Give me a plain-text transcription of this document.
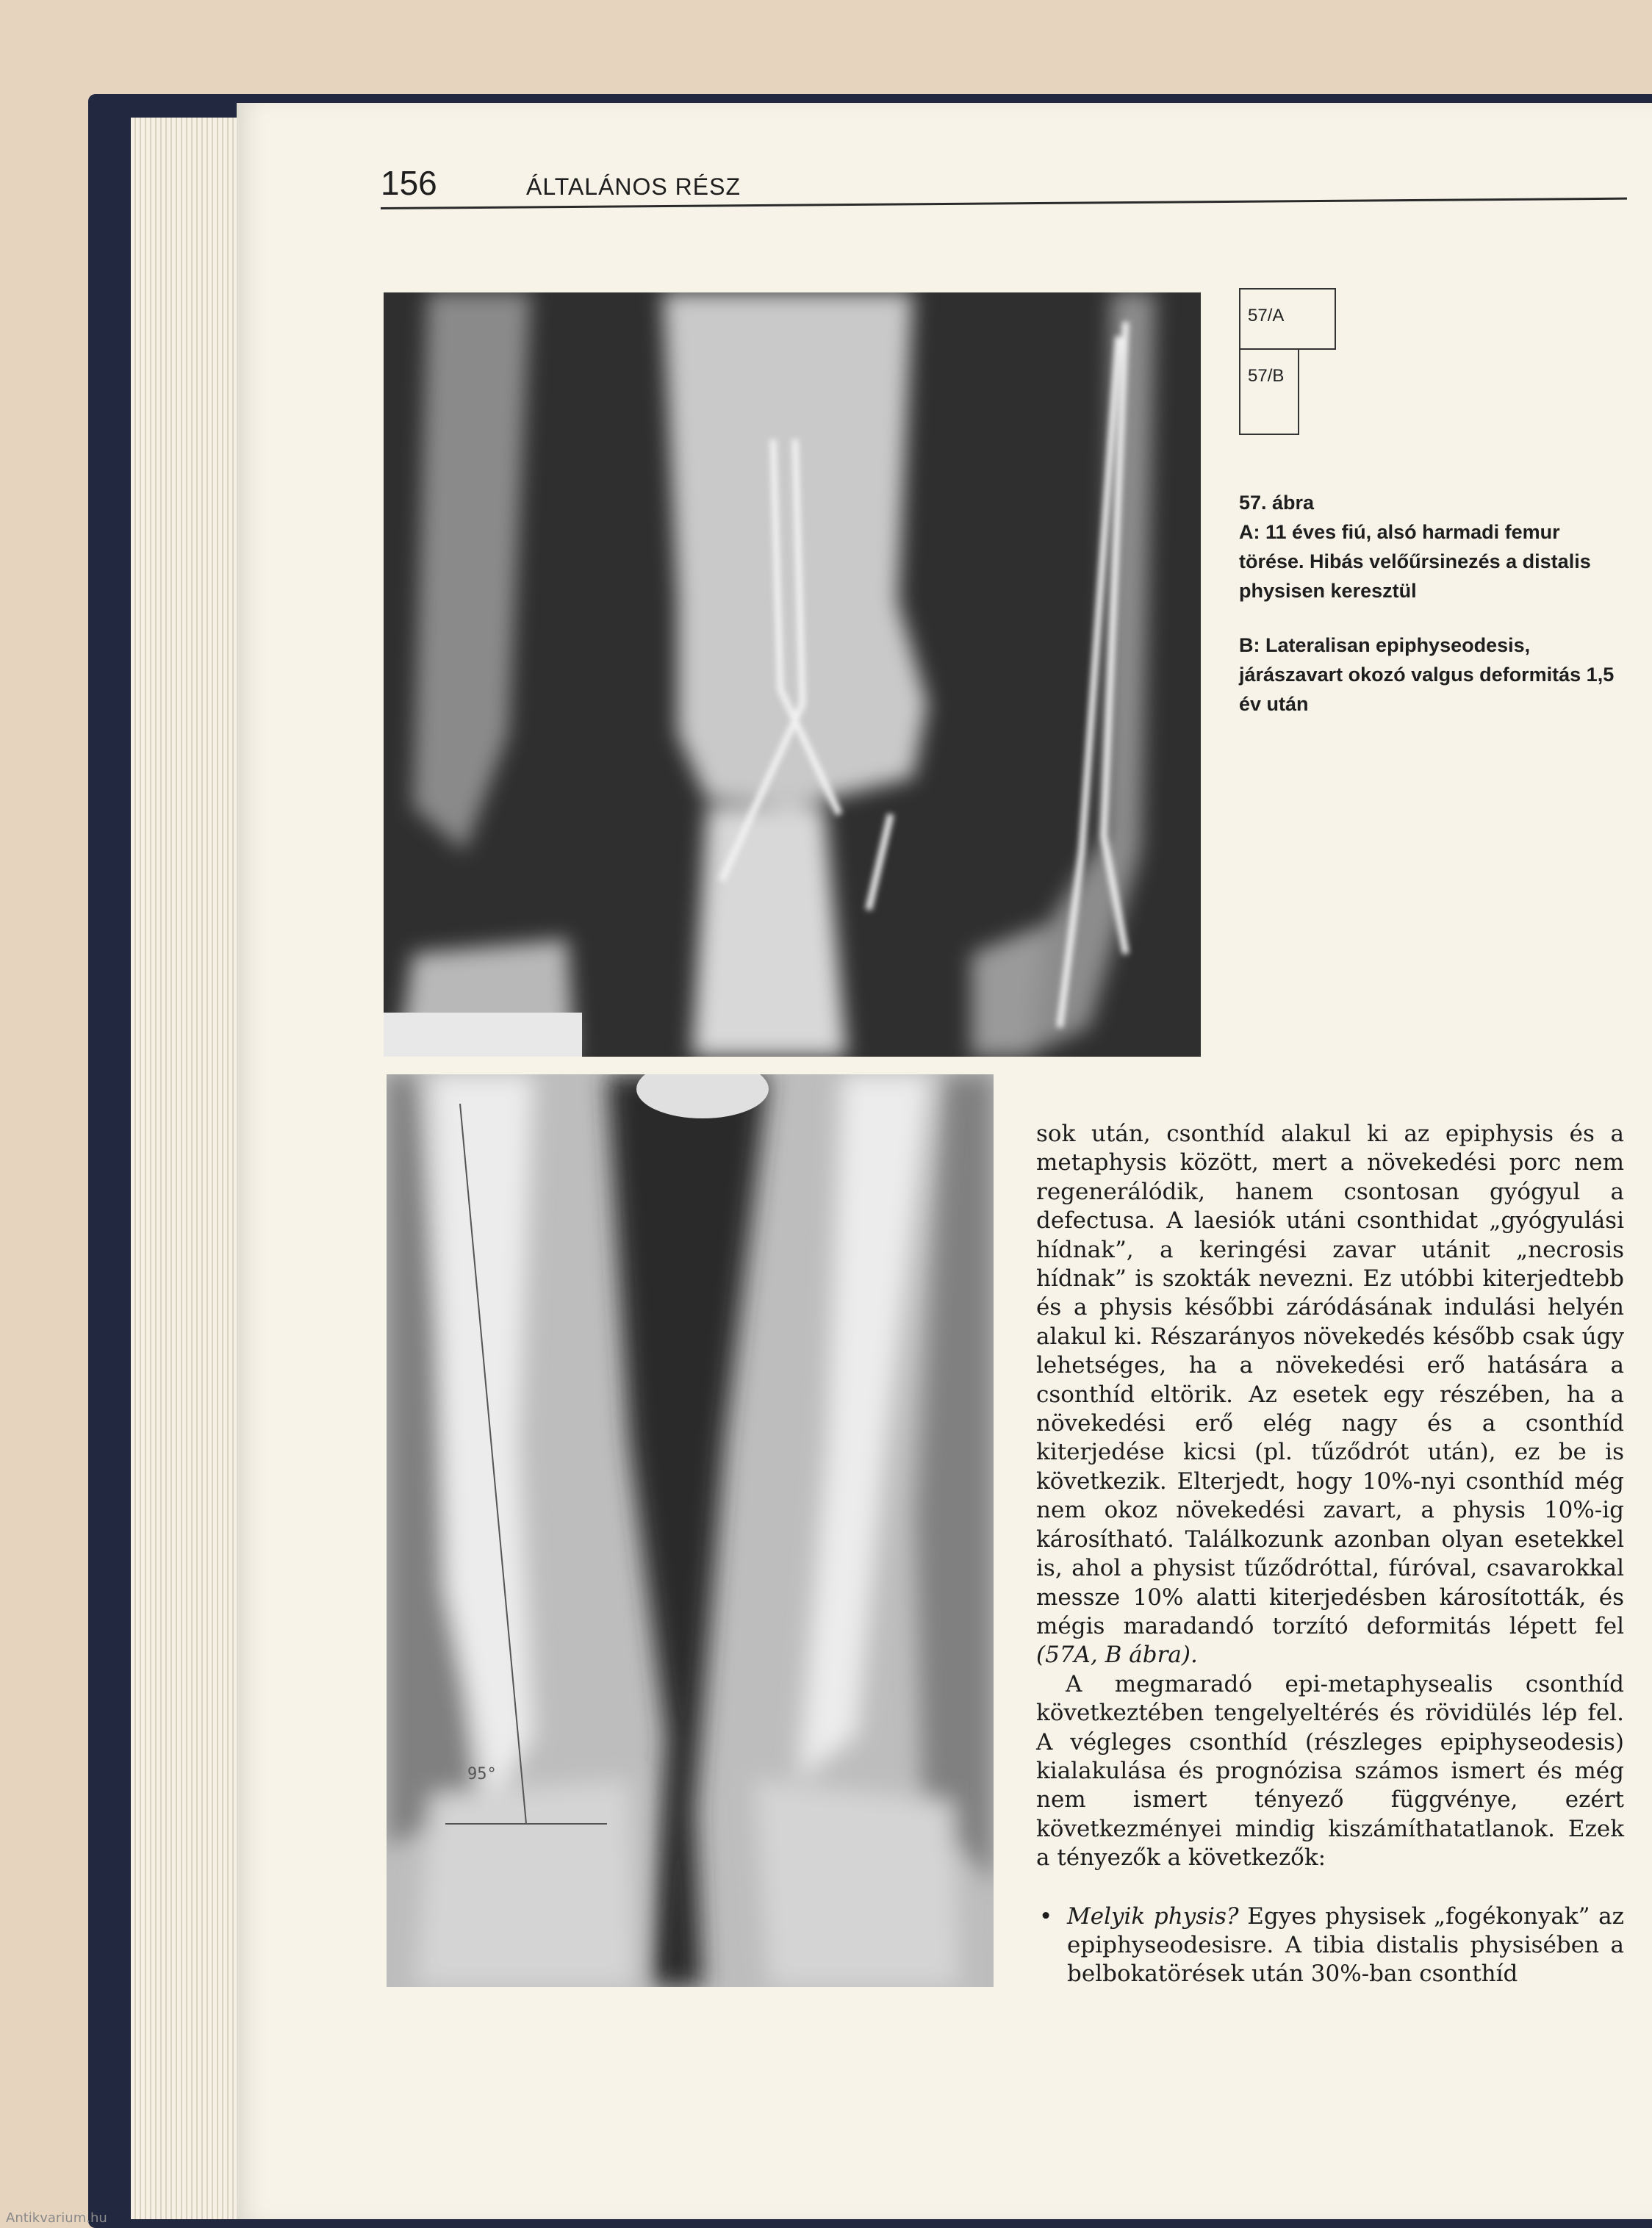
156	ÁLTALÁNOS RÉSZ
95°
57/A
57/B

57. ábra

A: 11 éves fiú, alsó harmadi femur törése. Hibás velőűrsinezés a distalis physisen keresztül

B: Lateralisan epiphyseodesis, járászavart okozó valgus deformitás 1,5 év után

sok után, csonthíd alakul ki az epiphysis és a metaphysis között, mert a növekedési porc nem regenerálódik, hanem csontosan gyógyul a defectusa. A laesiók utáni csonthidat „gyógyulási hídnak”, a keringési zavar utánit „necrosis hídnak” is szokták nevezni. Ez utóbbi kiterjedtebb és a physis későbbi záródásának indulási helyén alakul ki. Részarányos növekedés később csak úgy lehetséges, ha a növekedési erő hatására a csonthíd eltörik. Az esetek egy részében, ha a növekedési erő elég nagy és a csonthíd kiterjedése kicsi (pl. tűződrót után), ez be is következik. Elterjedt, hogy 10%-nyi csonthíd még nem okoz növekedési zavart, a physis 10%-ig károsítható. Találkozunk azonban olyan esetekkel is, ahol a physist tűződróttal, fúróval, csavarokkal messze 10% alatti kiterjedésben károsították, és mégis maradandó torzító deformitás lépett fel (57A, B ábra).

A megmaradó epi-metaphysealis csonthíd következtében tengelyeltérés és rövidülés lép fel. A végleges csonthíd (részleges epiphyseodesis) kialakulása és prognózisa számos ismert és még nem ismert tényező függvénye, ezért következményei mindig kiszámíthatatlanok. Ezek a tényezők a következők:

• Melyik physis? Egyes physisek „fogékonyak” az epiphyseodesisre. A tibia distalis physisében a belbokatörések után 30%-ban csonthíd
Antikvarium.hu
